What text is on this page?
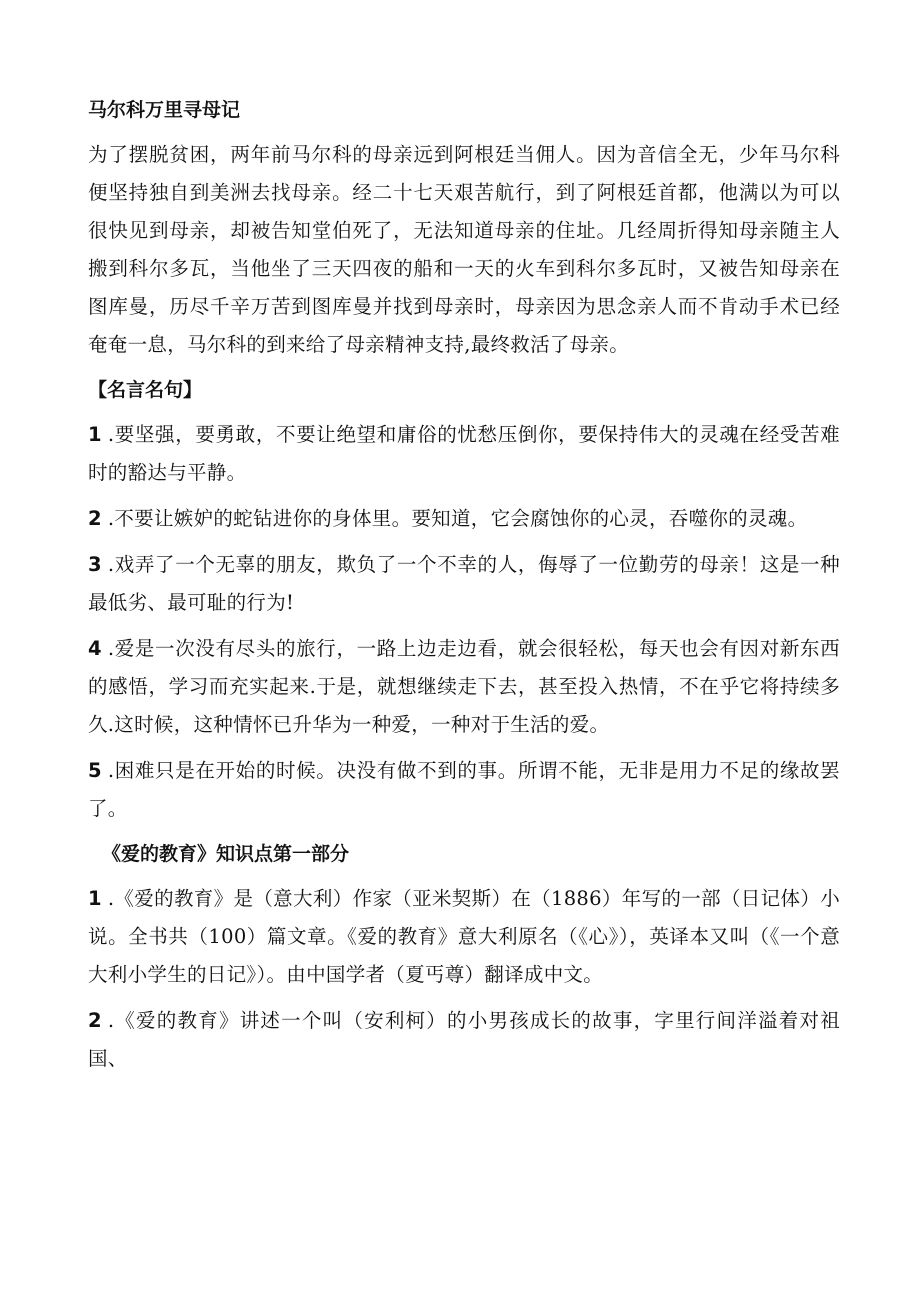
马尔科万里寻母记
为了摆脱贫困，两年前马尔科的母亲远到阿根廷当佣人。因为音信全无，少年马尔科便坚持独自到美洲去找母亲。经二十七天艰苦航行，到了阿根廷首都，他满以为可以很快见到母亲，却被告知堂伯死了，无法知道母亲的住址。几经周折得知母亲随主人搬到科尔多瓦，当他坐了三天四夜的船和一天的火车到科尔多瓦时，又被告知母亲在图库曼，历尽千辛万苦到图库曼并找到母亲时，母亲因为思念亲人而不肯动手术已经奄奄一息，马尔科的到来给了母亲精神支持,最终救活了母亲。
【名言名句】
1 .要坚强，要勇敢，不要让绝望和庸俗的忧愁压倒你，要保持伟大的灵魂在经受苦难时的豁达与平静。
2 .不要让嫉妒的蛇钻进你的身体里。要知道，它会腐蚀你的心灵，吞噬你的灵魂。
3 .戏弄了一个无辜的朋友，欺负了一个不幸的人，侮辱了一位勤劳的母亲！这是一种最低劣、最可耻的行为!
4 .爱是一次没有尽头的旅行，一路上边走边看，就会很轻松，每天也会有因对新东西的感悟，学习而充实起来.于是，就想继续走下去，甚至投入热情，不在乎它将持续多久.这时候，这种情怀已升华为一种爱，一种对于生活的爱。
5 .困难只是在开始的时候。决没有做不到的事。所谓不能，无非是用力不足的缘故罢了。
《爱的教育》知识点第一部分
1 .《爱的教育》是（意大利）作家（亚米契斯）在（1886）年写的一部（日记体）小说。全书共（100）篇文章。《爱的教育》意大利原名（《心》），英译本又叫（《一个意大利小学生的日记》）。由中国学者（夏丐尊）翻译成中文。
2 .《爱的教育》讲述一个叫（安利柯）的小男孩成长的故事，字里行间洋溢着对祖国、
